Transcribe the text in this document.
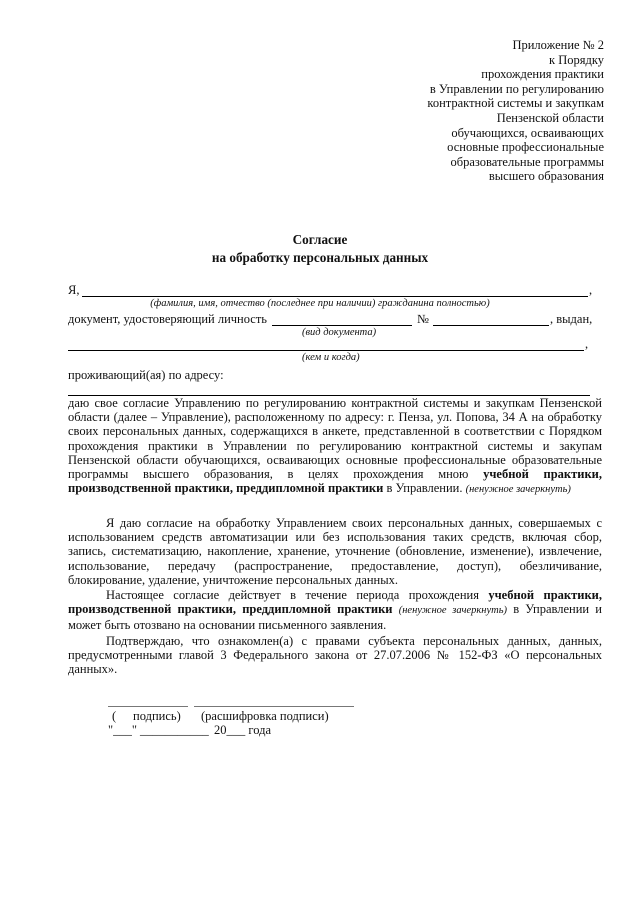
Приложение № 2
к Порядку
прохождения практики
в Управлении по регулированию
контрактной системы и закупкам
Пензенской области
обучающихся, осваивающих
основные профессиональные
образовательные программы
высшего образования
Согласие
на обработку персональных данных
Я,	,
(фамилия, имя, отчество (последнее при наличии) гражданина полностью)
документ, удостоверяющий личность	№	, выдан,
(вид документа)
,
(кем и когда)
проживающий(ая) по адресу:
даю свое согласие Управлению по регулированию контрактной системы и закупкам Пензенской области (далее – Управление), расположенному по адресу: г. Пенза, ул. Попова, 34 А на обработку своих персональных данных, содержащихся в анкете, представленной в соответствии с Порядком прохождения практики в Управлении по регулированию контрактной системы и закупам Пензенской области обучающихся, осваивающих основные профессиональные образовательные программы высшего образования, в целях прохождения мною учебной практики, производственной практики, преддипломной практики в Управлении. (ненужное зачеркнуть)
Я даю согласие на обработку Управлением своих персональных данных, совершаемых с использованием средств автоматизации или без использования таких средств, включая сбор, запись, систематизацию, накопление, хранение, уточнение (обновление, изменение), извлечение, использование, передачу (распространение, предоставление, доступ), обезличивание, блокирование, удаление, уничтожение персональных данных.
Настоящее согласие действует в течение периода прохождения учебной практики, производственной практики, преддипломной практики (ненужное зачеркнуть) в Управлении и может быть отозвано на основании письменного заявления.
Подтверждаю, что ознакомлен(а) с правами субъекта персональных данных, данных, предусмотренными главой 3 Федерального закона от 27.07.2006 № 152-ФЗ «О персональных данных».
( подпись) (расшифровка подписи)
"___" ___________ 20___ года
